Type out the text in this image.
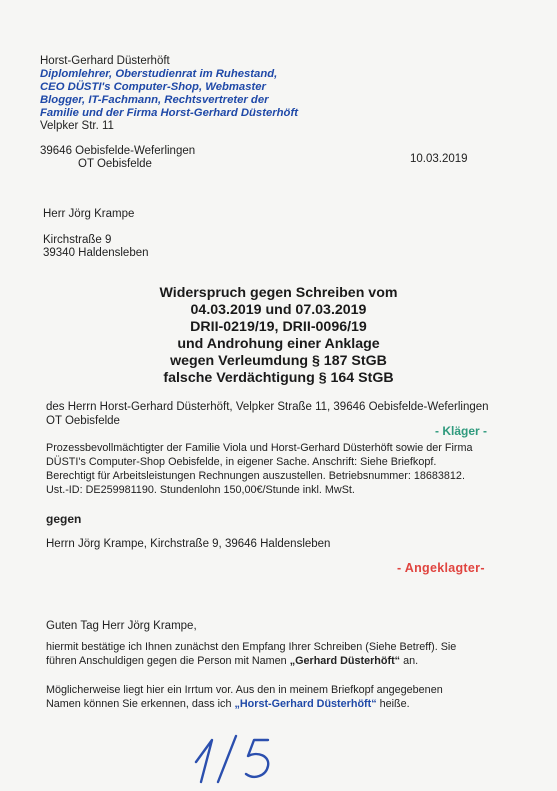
Horst-Gerhard Düsterhöft
Diplomlehrer, Oberstudienrat im Ruhestand,
CEO DÜSTI's Computer-Shop, Webmaster
Blogger, IT-Fachmann, Rechtsvertreter der
Familie und der Firma Horst-Gerhard Düsterhöft
Velpker Str. 11
39646 Oebisfelde-Weferlingen
OT Oebisfelde	10.03.2019
Herr Jörg Krampe
Kirchstraße 9
39340 Haldensleben
Widerspruch gegen Schreiben vom
04.03.2019 und 07.03.2019
DRII-0219/19, DRII-0096/19
und Androhung einer Anklage
wegen Verleumdung § 187 StGB
falsche Verdächtigung § 164 StGB
des Herrn Horst-Gerhard Düsterhöft, Velpker Straße 11, 39646 Oebisfelde-Weferlingen
OT Oebisfelde
- Kläger -
Prozessbevollmächtigter der Familie Viola und Horst-Gerhard Düsterhöft sowie der Firma
DÜSTI's Computer-Shop Oebisfelde, in eigener Sache. Anschrift: Siehe Briefkopf.
Berechtigt für Arbeitsleistungen Rechnungen auszustellen. Betriebsnummer: 18683812.
Ust.-ID: DE259981190. Stundenlohn 150,00€/Stunde inkl. MwSt.
gegen
Herrn Jörg Krampe, Kirchstraße 9, 39646 Haldensleben
- Angeklagter-
Guten Tag Herr Jörg Krampe,
hiermit bestätige ich Ihnen zunächst den Empfang Ihrer Schreiben (Siehe Betreff). Sie
führen Anschuldigen gegen die Person mit Namen „Gerhard Düsterhöft“ an.
Möglicherweise liegt hier ein Irrtum vor. Aus den in meinem Briefkopf angegebenen
Namen können Sie erkennen, dass ich „Horst-Gerhard Düsterhöft“ heiße.
